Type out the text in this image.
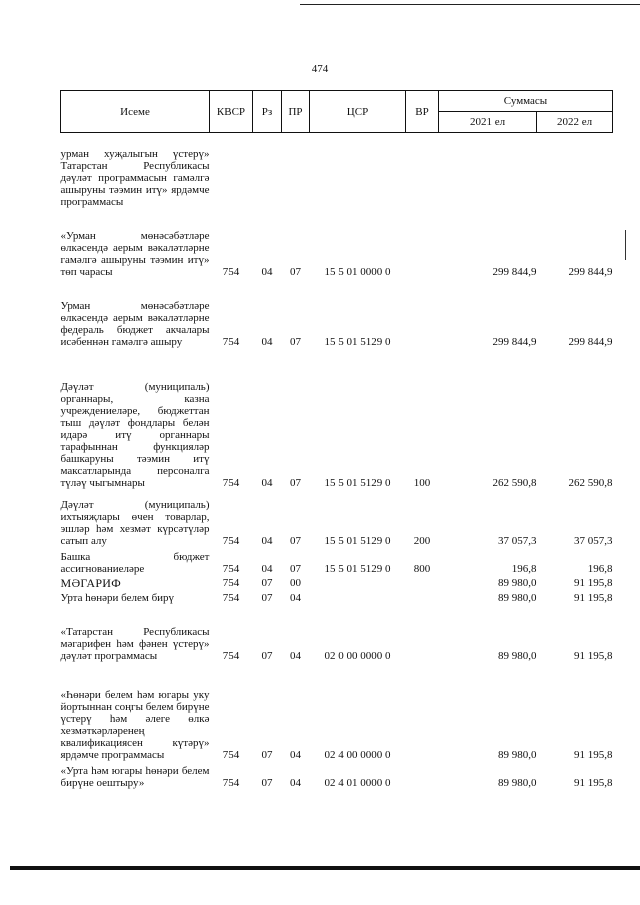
474
Исеме	КВСР	Рз	ПР	ЦСР	ВР	Суммасы	
						2021 ел	2022 ел
урман хуҗалыгын үстерү» Татарстан Республикасы дәүләт программасын гамәлгә ашыруны тәэмин итү» ярдәмче программасы							
«Урман мөнәсәбәтләре өлкәсендә аерым вәкаләтләрне гамәлгә ашыруны тәэмин итү» төп чарасы	754	04	07	15 5 01 0000 0		299 844,9	299 844,9
Урман мөнәсәбәтләре өлкәсендә аерым вәкаләтләрне федераль бюджет акчалары исәбеннән гамәлгә ашыру	754	04	07	15 5 01 5129 0		299 844,9	299 844,9
Дәүләт (муниципаль) органнары, казна учреждениеләре, бюджеттан тыш дәүләт фондлары белән идарә итү органнары тарафыннан функцияләр башкаруны тәэмин итү максатларында персоналга түләү чыгымнары	754	04	07	15 5 01 5129 0	100	262 590,8	262 590,8
Дәүләт (муниципаль) ихтыяҗлары өчен товарлар, эшләр һәм хезмәт күрсәтүләр сатып алу	754	04	07	15 5 01 5129 0	200	37 057,3	37 057,3
Башка бюджет ассигнованиеләре	754	04	07	15 5 01 5129 0	800	196,8	196,8
МӘГАРИФ	754	07	00			89 980,0	91 195,8
Урта һөнәри белем бирү	754	07	04			89 980,0	91 195,8
«Татарстан Республикасы мәгарифен һәм фәнен үстерү» дәүләт программасы	754	07	04	02 0 00 0000 0		89 980,0	91 195,8
«Һөнәри белем һәм югары уку йортыннан соңгы белем бирүне үстерү һәм әлеге өлкә хезмәткәрләренең квалификациясен күтәрү» ярдәмче программасы	754	07	04	02 4 00 0000 0		89 980,0	91 195,8
«Урта һәм югары һөнәри белем бирүне оештыру»	754	07	04	02 4 01 0000 0		89 980,0	91 195,8
